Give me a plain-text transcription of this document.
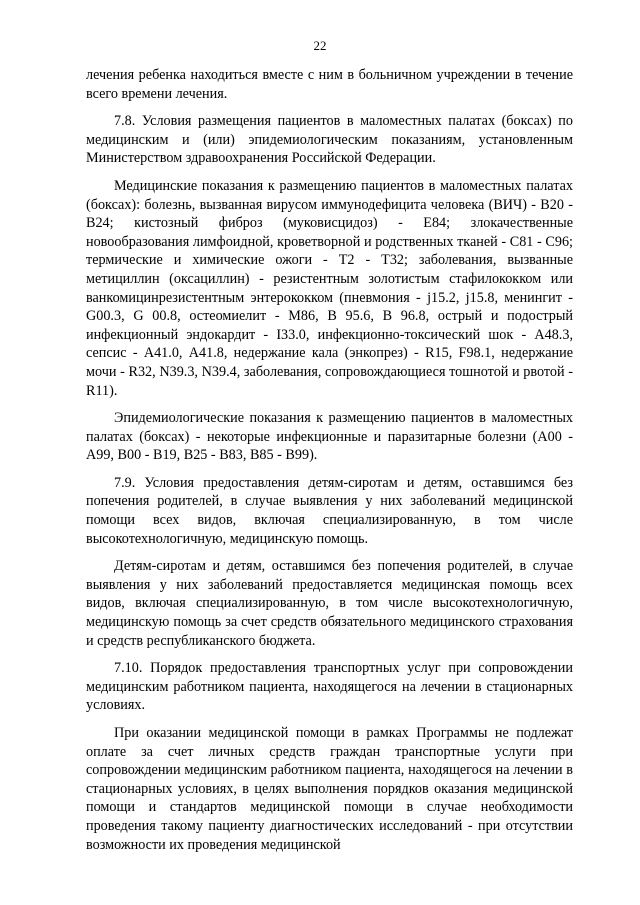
22

лечения ребенка находиться вместе с ним в больничном учреждении в течение всего времени лечения.

7.8. Условия размещения пациентов в маломестных палатах (боксах) по медицинским и (или) эпидемиологическим показаниям, установленным Министерством здравоохранения Российской Федерации.

Медицинские показания к размещению пациентов в маломестных палатах (боксах): болезнь, вызванная вирусом иммунодефицита человека (ВИЧ) - В20 - В24; кистозный фиброз (муковисцидоз) - Е84; злокачественные новообразования лимфоидной, кроветворной и родственных тканей - С81 - С96; термические и химические ожоги - Т2 - Т32; заболевания, вызванные метициллин (оксациллин) - резистентным золотистым стафилококком или ванкомицинрезистентным энтерококком (пневмония - j15.2, j15.8, менингит - G00.3, G 00.8, остеомиелит - М86, В 95.6, В 96.8, острый и подострый инфекционный эндокардит - I33.0, инфекционно-токсический шок - А48.3, сепсис - А41.0, А41.8, недержание кала (энкопрез) - R15, F98.1, недержание мочи - R32, N39.3, N39.4, заболевания, сопровождающиеся тошнотой и рвотой - R11).

Эпидемиологические показания к размещению пациентов в маломестных палатах (боксах) - некоторые инфекционные и паразитарные болезни (А00 - А99, В00 - В19, В25 - В83, В85 - В99).

7.9. Условия предоставления детям-сиротам и детям, оставшимся без попечения родителей, в случае выявления у них заболеваний медицинской помощи всех видов, включая специализированную, в том числе высокотехнологичную, медицинскую помощь.

Детям-сиротам и детям, оставшимся без попечения родителей, в случае выявления у них заболеваний предоставляется медицинская помощь всех видов, включая специализированную, в том числе высокотехнологичную, медицинскую помощь за счет средств обязательного медицинского страхования и средств республиканского бюджета.

7.10. Порядок предоставления транспортных услуг при сопровождении медицинским работником пациента, находящегося на лечении в стационарных условиях.

При оказании медицинской помощи в рамках Программы не подлежат оплате за счет личных средств граждан транспортные услуги при сопровождении медицинским работником пациента, находящегося на лечении в стационарных условиях, в целях выполнения порядков оказания медицинской помощи и стандартов медицинской помощи в случае необходимости проведения такому пациенту диагностических исследований - при отсутствии возможности их проведения медицинской
